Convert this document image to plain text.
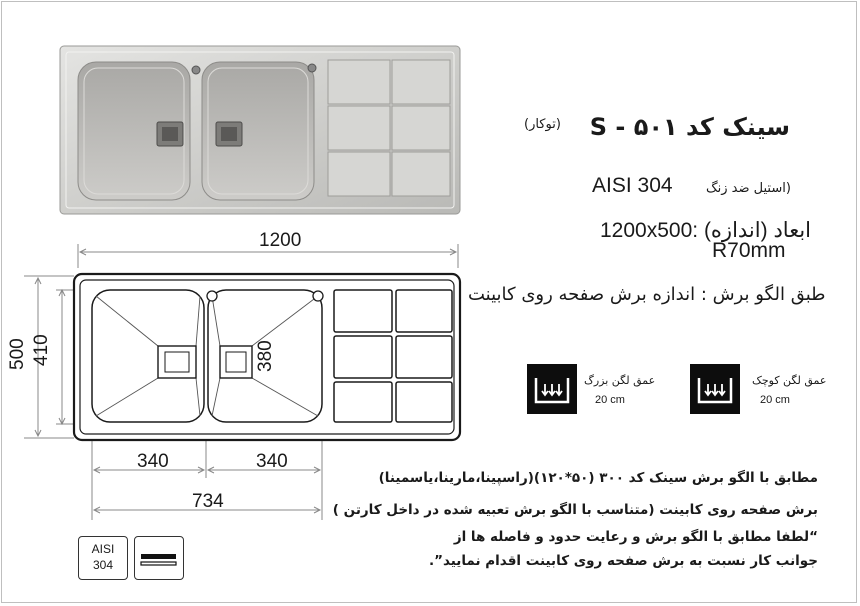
1200
500 410	380
340	340
734
سینک کد S - ۵۰۱
(توکار)
(استیل ضد زنگ
AISI 304
1200x500: ابعاد (اندازه)
R70mm
طبق الگو برش : اندازه برش صفحه روی کابینت
عمق لگن بزرگ
20 cm
عمق لگن کوچک
20 cm
مطابق با الگو برش سینک کد ۳۰۰ (۵۰*۱۲۰)(راسپینا،مارینا،یاسمینا)
برش صفحه روی کابینت (متناسب با الگو برش تعبیه شده در داخل کارتن )
“لطفا مطابق با الگو برش و رعایت حدود و فاصله ها از
جوانب کار نسبت به برش صفحه روی کابینت اقدام نمایید”.
AISI
304
